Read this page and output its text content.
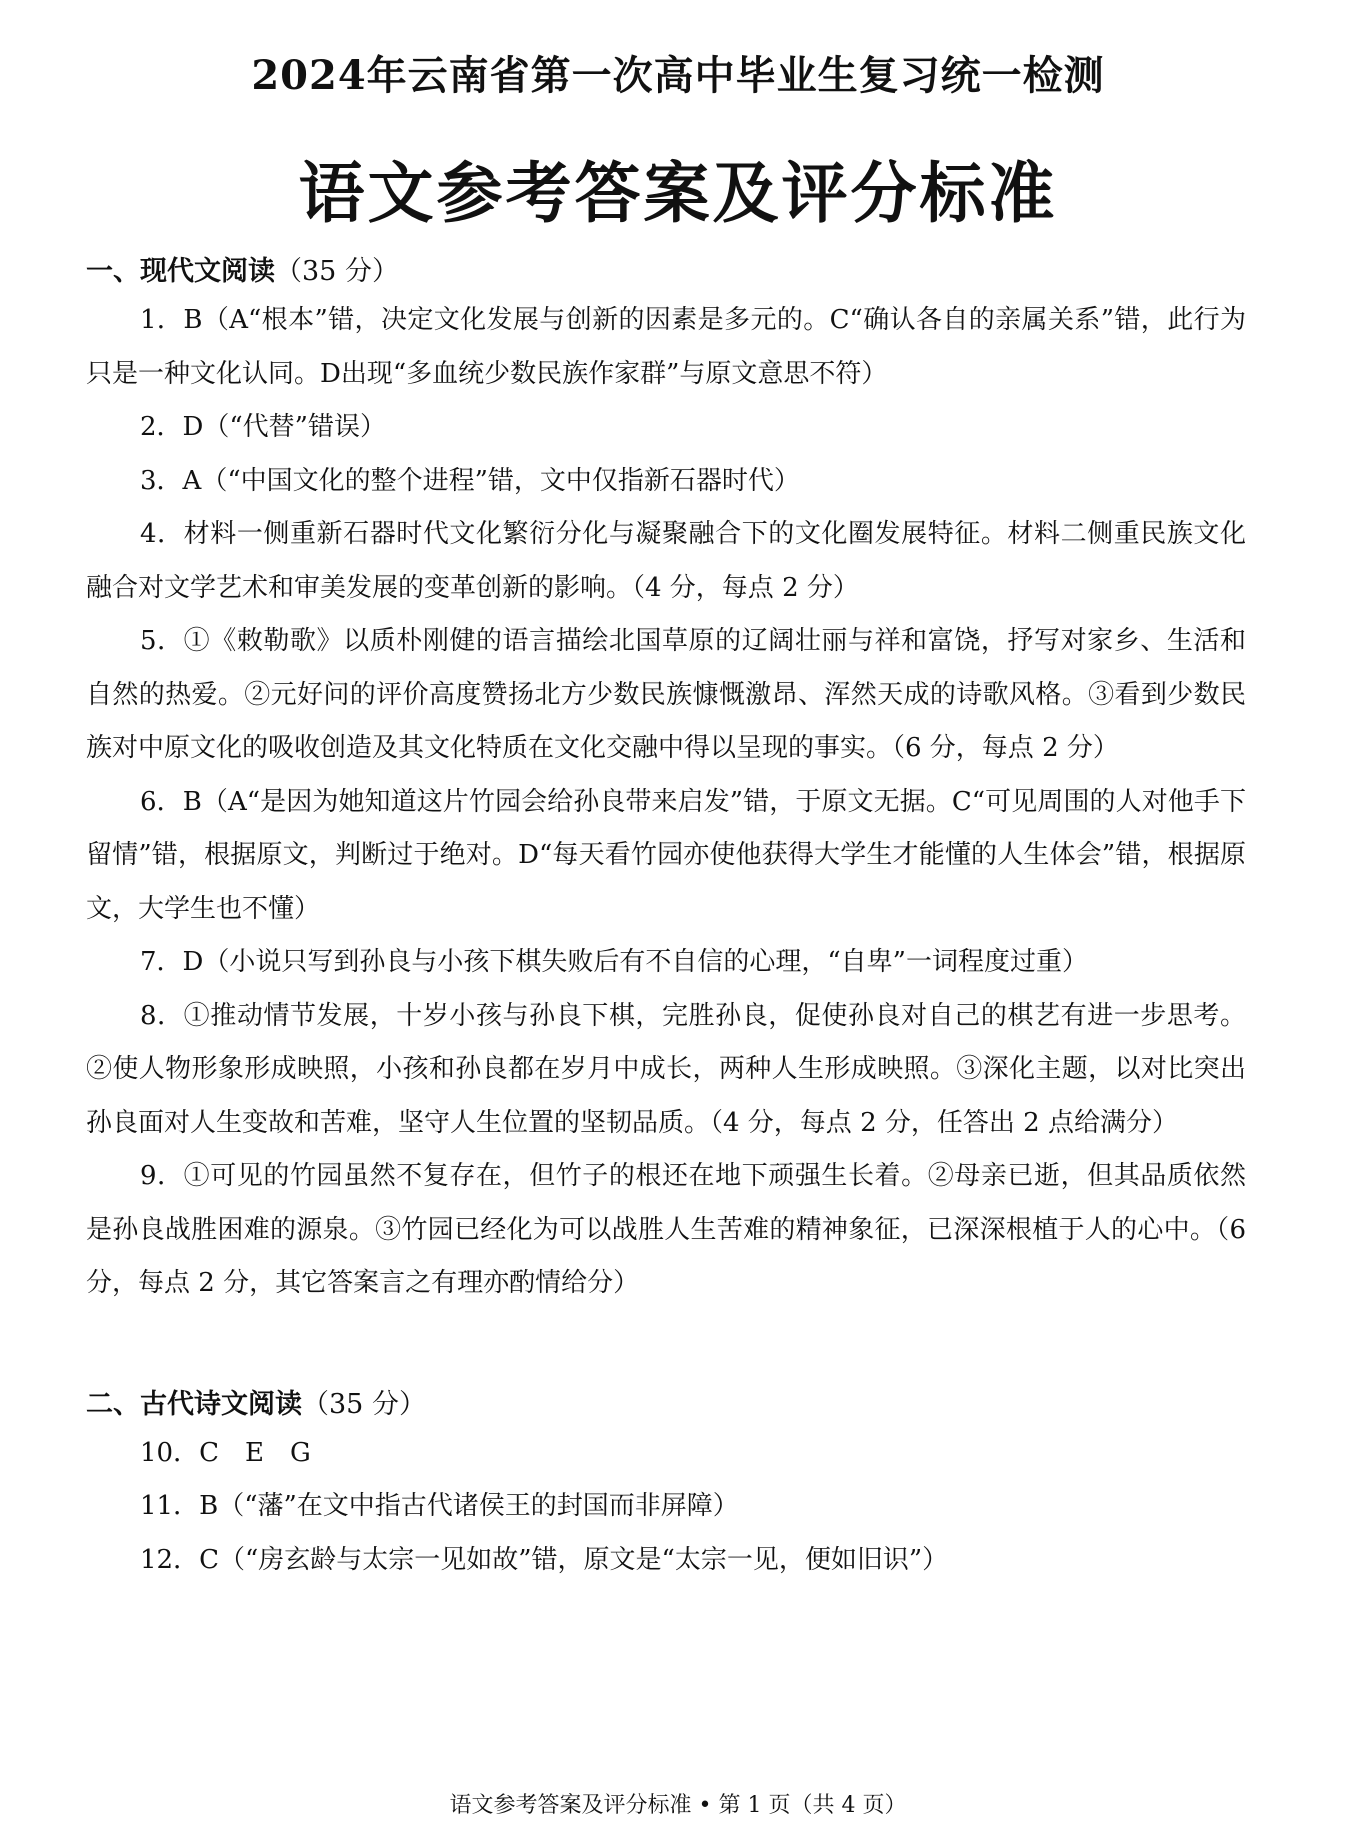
2024年云南省第一次高中毕业生复习统一检测
语文参考答案及评分标准

一、现代文阅读（35 分）

1．B（A“根本”错，决定文化发展与创新的因素是多元的。C“确认各自的亲属关系”错，此行为只是一种文化认同。D出现“多血统少数民族作家群”与原文意思不符）

2．D（“代替”错误）

3．A（“中国文化的整个进程”错，文中仅指新石器时代）

4．材料一侧重新石器时代文化繁衍分化与凝聚融合下的文化圈发展特征。材料二侧重民族文化融合对文学艺术和审美发展的变革创新的影响。（4 分，每点 2 分）

5．①《敕勒歌》以质朴刚健的语言描绘北国草原的辽阔壮丽与祥和富饶，抒写对家乡、生活和自然的热爱。②元好问的评价高度赞扬北方少数民族慷慨激昂、浑然天成的诗歌风格。③看到少数民族对中原文化的吸收创造及其文化特质在文化交融中得以呈现的事实。（6 分，每点 2 分）

6．B（A“是因为她知道这片竹园会给孙良带来启发”错，于原文无据。C“可见周围的人对他手下留情”错，根据原文，判断过于绝对。D“每天看竹园亦使他获得大学生才能懂的人生体会”错，根据原文，大学生也不懂）

7．D（小说只写到孙良与小孩下棋失败后有不自信的心理，“自卑”一词程度过重）

8．①推动情节发展，十岁小孩与孙良下棋，完胜孙良，促使孙良对自己的棋艺有进一步思考。②使人物形象形成映照，小孩和孙良都在岁月中成长，两种人生形成映照。③深化主题，以对比突出孙良面对人生变故和苦难，坚守人生位置的坚韧品质。（4 分，每点 2 分，任答出 2 点给满分）

9．①可见的竹园虽然不复存在，但竹子的根还在地下顽强生长着。②母亲已逝，但其品质依然是孙良战胜困难的源泉。③竹园已经化为可以战胜人生苦难的精神象征，已深深根植于人的心中。（6 分，每点 2 分，其它答案言之有理亦酌情给分）

二、古代诗文阅读（35 分）

10．C　E　G

11．B（“藩”在文中指古代诸侯王的封国而非屏障）

12．C（“房玄龄与太宗一见如故”错，原文是“太宗一见，便如旧识”）

语文参考答案及评分标准 • 第 1 页（共 4 页）
